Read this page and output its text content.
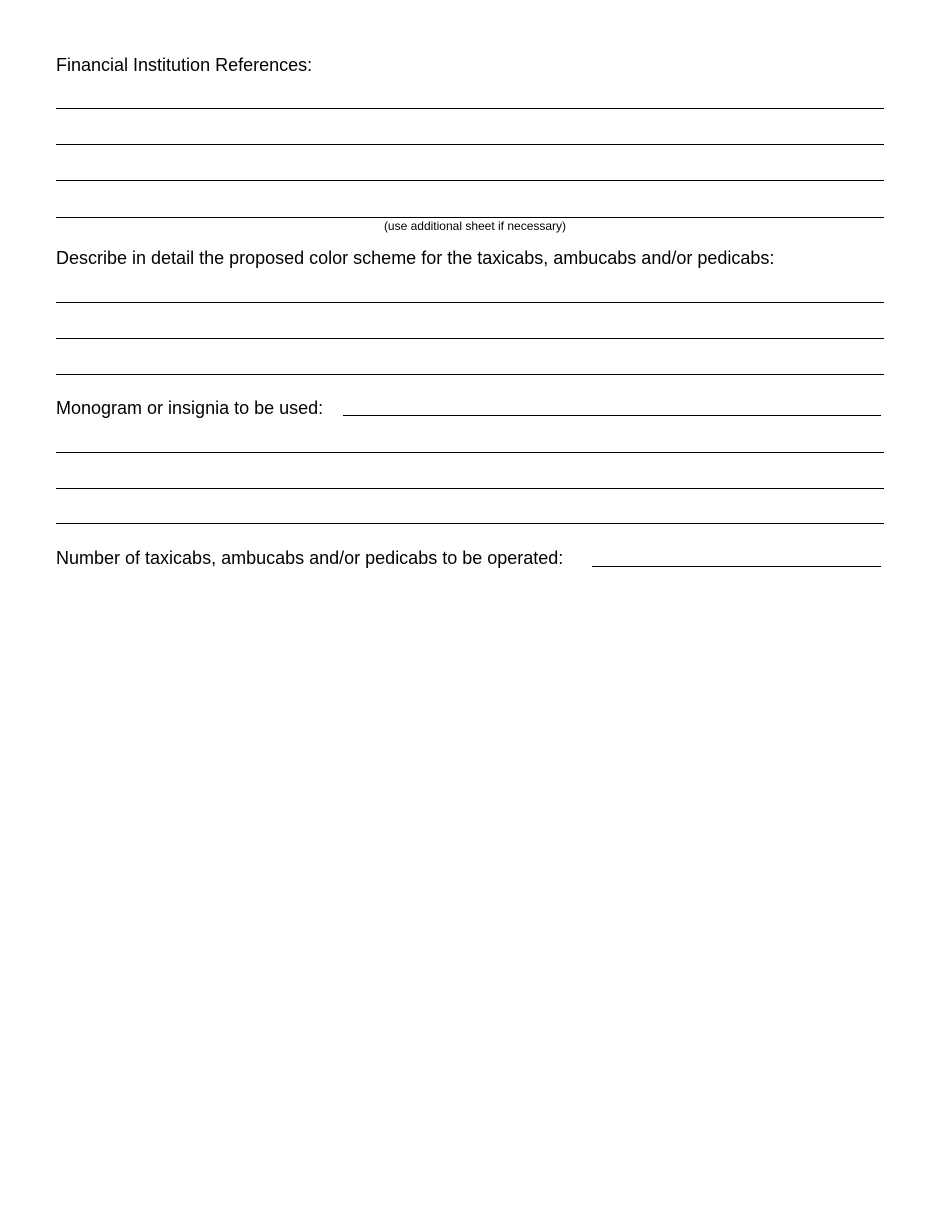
Financial Institution References:
(use additional sheet if necessary)
Describe in detail the proposed color scheme for the taxicabs, ambucabs and/or pedicabs:
Monogram or insignia to be used:
Number of taxicabs, ambucabs and/or pedicabs to be operated:
